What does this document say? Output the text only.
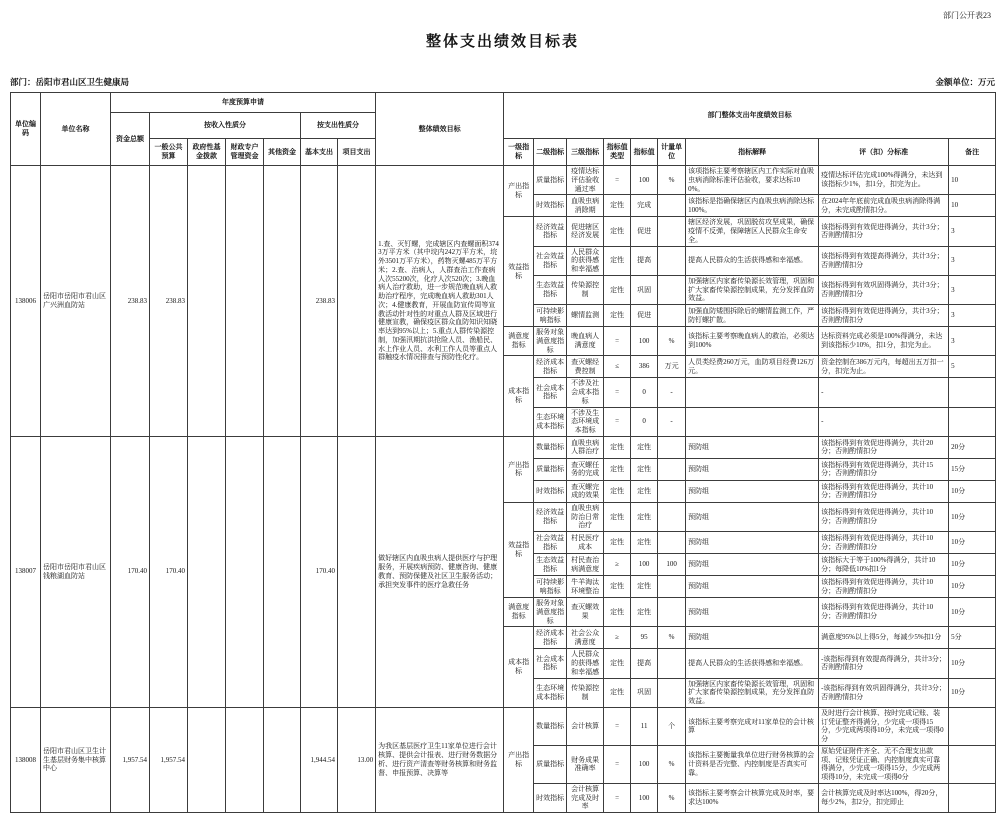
部门公开表23
整体支出绩效目标表
部门：岳阳市君山区卫生健康局	金额单位：万元
单位编码	单位名称	年度预算申请							整体绩效目标	部门整体支出年度绩效目标								
		资金总额	按收入性质分				按支出性质分											
			一般公共预算	政府性基金拨款	财政专户管理资金	其他资金	基本支出	项目支出		一级指标	二级指标	三级指标	指标值类型	指标值	计量单位	指标解释	评（扣）分标准	备注
138006	岳阳市岳阳市君山区广兴洲血防站	238.83	238.83				238.83		1.查、灭钉螺，完成辖区内查螺面积3743万平方米（其中垸内242万平方米，垸外3501万平方米），药物灭螺485万平方米；2.查、治病人，人群查治工作查病人次55200次，化疗人次520次；3.晚血病人治疗救助，进一步规范晚血病人救助治疗程序，完成晚血病人救助301人次；4.健康教育，开展血防宣传周等宣教活动针对性的对重点人群及区域进行健康宣教，确保疫区群众血防知识知晓率达到95%以上；5.重点人群传染源控制，加强汛期抗洪抢险人员、渔船民、水上作业人员、水利工作人员等重点人群触疫水情况排查与预防性化疗。	产出指标	质量指标	疫情达标评估验收通过率	=	100	%	该项指标主要考察辖区内工作实际对血吸虫病消除标准评估验收，要求达标100%。	疫情达标评估完成100%得满分，未达到该指标少1%，扣1分，扣完为止。	10
											时效指标	血吸虫病消除期	定性	完成		该指标是指确保辖区内血吸虫病消除达标100%。	在2024年年底前完成血吸虫病消除得满分，未完成酌情扣分。	10
										效益指标	经济效益指标	促进辖区经济发展	定性	促进		辖区经济发展，巩固脱贫攻坚成果，确保疫情不反弹，保障辖区人民群众生命安全。	该指标得到有效促进得满分，共计3分；否则酌情扣分	3
											社会效益指标	人民群众的获得感和幸福感	定性	提高		提高人民群众的生活获得感和幸福感。	该指标得到有效提高得满分，共计3分；否则酌情扣分	3
											生态效益指标	传染源控制	定性	巩固		加强辖区内家畜传染源长效管理，巩固和扩大家畜传染源控制成果，充分发挥血防效益。	该指标得到有效巩固得满分，共计3分；否则酌情扣分	3
											可持续影响指标	螺情监测	定性	促进		加强血防矮围拆除后的螺情监测工作，严防钉螺扩散。	该指标得到有效促进得满分，共计3分；否则酌情扣分	3
										满意度指标	服务对象满意度指标	晚血病人满意度	=	100	%	该指标主要考察晚血病人的救治，必须达到100%	达标资料完成必须是100%得满分，未达到该指标少10%，扣1分，扣完为止。	3
										成本指标	经济成本指标	查灭螺经费控制	≤	386	万元	人员类经费260万元，血防项目经费126万元。	资金控制在386万元内，每超出五万扣一分，扣完为止。	5
											社会成本指标	不涉及社会成本指标	=	0	-		-	
											生态环境成本指标	不涉及生态环境成本指标	=	0	-		-	
138007	岳阳市岳阳市君山区钱粮湖血防站	170.40	170.40				170.40		做好辖区内血吸虫病人提供医疗与护理服务，开展疾病预防、健康咨询、健康教育、预防保健及社区卫生服务活动；承担突发事件的医疗急救任务	产出指标	数量指标	血吸虫病人群治疗	定性	定性		预防组	该指标得到有效促进得满分，共计20分；否则酌情扣分	20分
											质量指标	查灭螺任务的完成	定性	定性		预防组	该指标得到有效促进得满分，共计15分；否则酌情扣分	15分
											时效指标	查灭螺完成的效果	定性	定性		预防组	该指标得到有效促进得满分，共计10分；否则酌情扣分	10分
										效益指标	经济效益指标	血吸虫病防治日常治疗	定性	定性		预防组	该指标得到有效促进得满分，共计10分；否则酌情扣分	10分
											社会效益指标	村民医疗成本	定性	定性		预防组	该指标得到有效促进得满分，共计10分；否则酌情扣分	10分
											生态效益指标	村民查治病满意度	≥	100	100	预防组	该指标大于等于100%得满分，共计10分；每降低10%扣1分	10分
											可持续影响指标	牛羊淘汰环境整治	定性	定性		预防组	该指标得到有效促进得满分，共计10分；否则酌情扣分	10分
										满意度指标	服务对象满意度指标	查灭螺效果	定性	定性		预防组	该指标得到有效促进得满分，共计10分；否则酌情扣分	10分
										成本指标	经济成本指标	社会公众满意度	≥	95	%	预防组	满意度95%以上得5分，每减少5%扣1分	5分
											社会成本指标	人民群众的获得感和幸福感	定性	提高		提高人民群众的生活获得感和幸福感。	-该指标得到有效提高得满分，共计3分；否则酌情扣分	10分
											生态环境成本指标	传染源控制	定性	巩固		加强辖区内家畜传染源长效管理，巩固和扩大家畜传染源控制成果，充分发挥血防效益。	-该指标得到有效巩固得满分，共计3分；否则酌情扣分	10分
138008	岳阳市君山区卫生计生基层财务集中核算中心	1,957.54	1,957.54				1,944.54	13.00	为我区基层医疗卫生11家单位进行会计核算、提供会计报表、进行财务数据分析、进行资产清查等财务核算和财务监督、申报预算、决算等	产出指标	数量指标	会计核算	=	11	个	该指标主要考察完成对11家单位的会计核算	及时进行会计核算、按时完成记账、装订凭证整齐得满分，少完成一项得15分，少完成两项得10分，未完成一项得0分	
											质量指标	财务成果准确率	=	100	%	该指标主要衡量我单位进行财务核算的会计资料是否完整、内控制度是否真实可靠。	原始凭证附件齐全、无不合理支出款项、记账凭证正确、内控制度真实可靠得满分，少完成一项得15分，少完成两项得10分，未完成一项得0分	
											时效指标	会计核算完成及时率	=	100	%	该指标主要考察会计核算完成及时率，要求达100%	会计核算完成及时率达100%，得20分，每少2%，扣2分，扣完即止	
